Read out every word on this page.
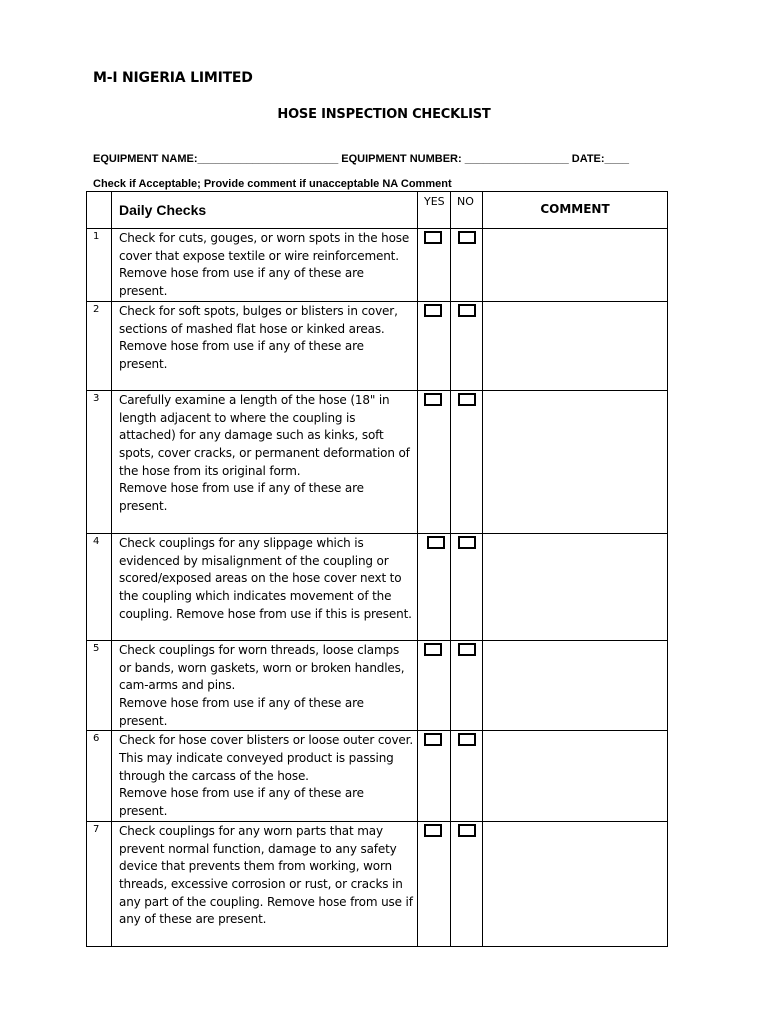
M-I NIGERIA LIMITED
HOSE INSPECTION CHECKLIST
EQUIPMENT NAME:_______________________ EQUIPMENT NUMBER: _________________ DATE:____
Check if Acceptable; Provide comment if unacceptable NA Comment

	Daily Checks	YES	NO	COMMENT

1	Check for cuts, gouges, or worn spots in the hose cover that expose textile or wire reinforcement. Remove hose from use if any of these are present.	

2	Check for soft spots, bulges or blisters in cover, sections of mashed flat hose or kinked areas.
Remove hose from use if any of these are present.	

3	Carefully examine a length of the hose (18" in length adjacent to where the coupling is attached) for any damage such as kinks, soft spots, cover cracks, or permanent deformation of the hose from its original form.
Remove hose from use if any of these are present.	

4	Check couplings for any slippage which is evidenced by misalignment of the coupling or scored/exposed areas on the hose cover next to the coupling which indicates movement of the coupling. Remove hose from use if this is present.	

5	Check couplings for worn threads, loose clamps or bands, worn gaskets, worn or broken handles, cam-arms and pins.
Remove hose from use if any of these are present.	

6	Check for hose cover blisters or loose outer cover. This may indicate conveyed product is passing through the carcass of the hose.
Remove hose from use if any of these are present.	

7	Check couplings for any worn parts that may prevent normal function, damage to any safety
device that prevents them from working, worn threads, excessive corrosion or rust, or cracks in any part of the coupling. Remove hose from use if any of these are present.	
